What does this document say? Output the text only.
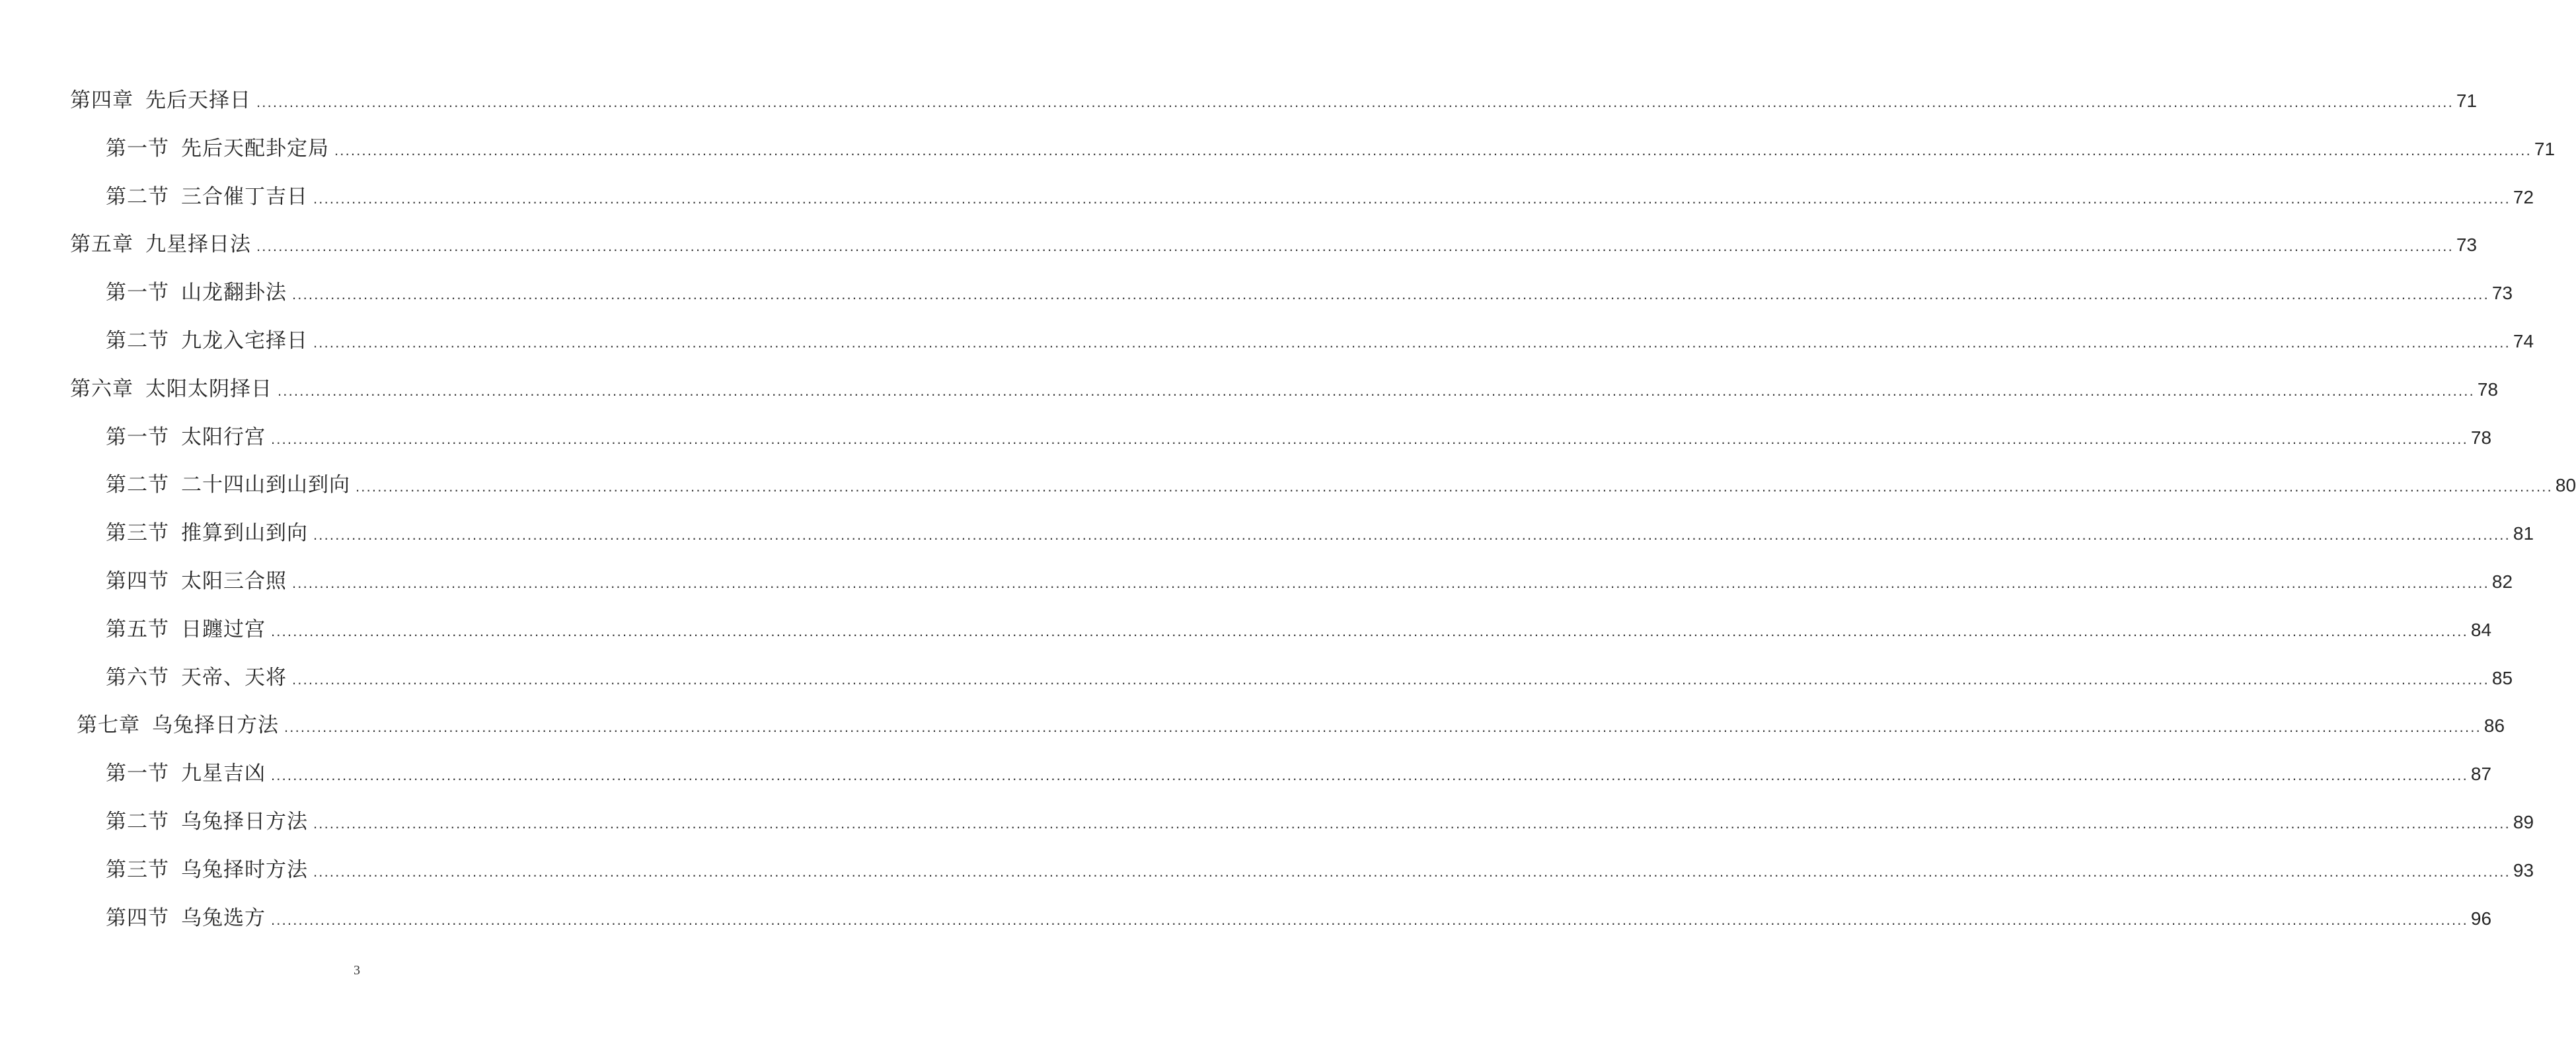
第四章 先后天择日 ................................................................................................................................................................................................................................................................................................................................................................................................................ 71
第一节 先后天配卦定局 ................................................................................................................................................................................................................................................................................................................................................................................................................ 71
第二节 三合催丁吉日 ................................................................................................................................................................................................................................................................................................................................................................................................................ 72
第五章 九星择日法 ................................................................................................................................................................................................................................................................................................................................................................................................................ 73
第一节 山龙翻卦法 ................................................................................................................................................................................................................................................................................................................................................................................................................ 73
第二节 九龙入宅择日 ................................................................................................................................................................................................................................................................................................................................................................................................................ 74
第六章 太阳太阴择日 ................................................................................................................................................................................................................................................................................................................................................................................................................ 78
第一节 太阳行宫 ................................................................................................................................................................................................................................................................................................................................................................................................................ 78
第二节 二十四山到山到向 ................................................................................................................................................................................................................................................................................................................................................................................................................ 80
第三节 推算到山到向 ................................................................................................................................................................................................................................................................................................................................................................................................................ 81
第四节 太阳三合照 ................................................................................................................................................................................................................................................................................................................................................................................................................ 82
第五节 日躔过宫 ................................................................................................................................................................................................................................................................................................................................................................................................................ 84
第六节 天帝、天将 ................................................................................................................................................................................................................................................................................................................................................................................................................ 85
第七章 乌兔择日方法 ................................................................................................................................................................................................................................................................................................................................................................................................................ 86
第一节 九星吉凶 ................................................................................................................................................................................................................................................................................................................................................................................................................ 87
第二节 乌兔择日方法 ................................................................................................................................................................................................................................................................................................................................................................................................................ 89
第三节 乌兔择时方法 ................................................................................................................................................................................................................................................................................................................................................................................................................ 93
第四节 乌兔选方 ................................................................................................................................................................................................................................................................................................................................................................................................................ 96
3
